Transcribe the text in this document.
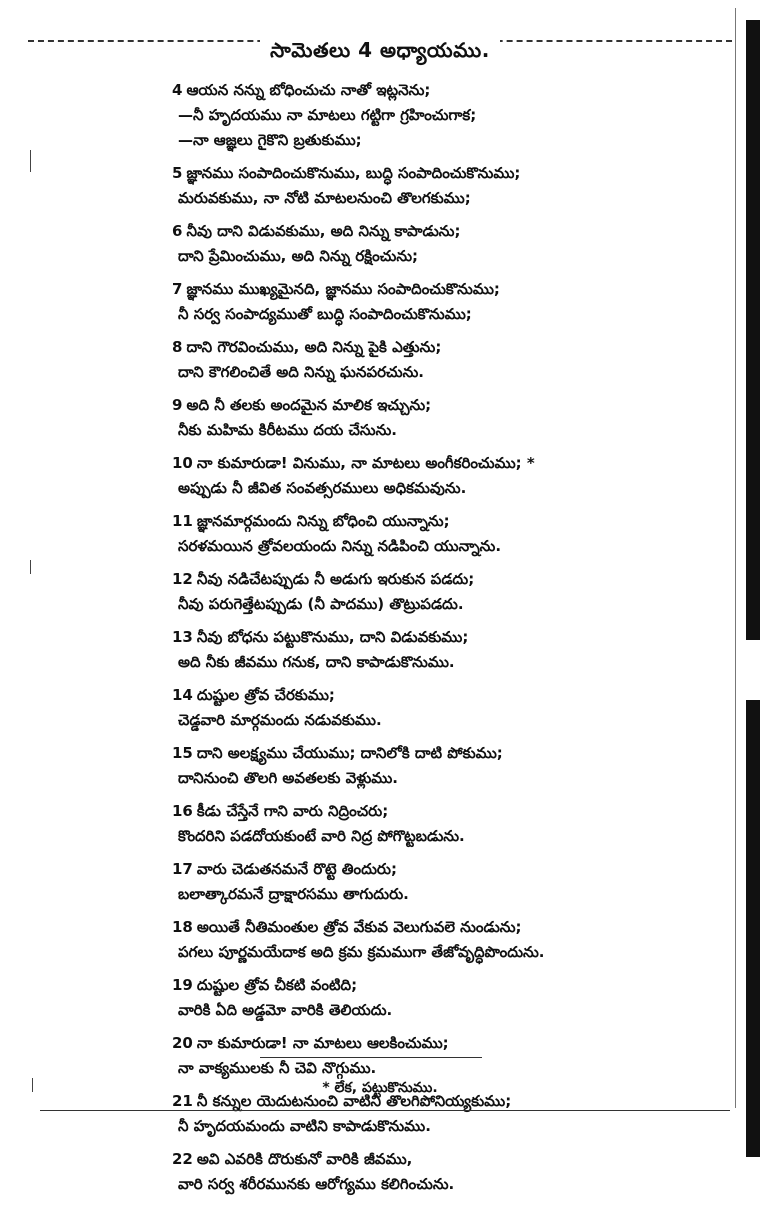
సామెతలు 4 అధ్యాయము.
4 ఆయన నన్ను బోధించుచు నాతో ఇట్లనెను;
—నీ హృదయము నా మాటలు గట్టిగా గ్రహించుగాక;
—నా ఆజ్ఞలు గైకొని బ్రతుకుము;
5 జ్ఞానము సంపాదించుకొనుము, బుద్ధి సంపాదించుకొనుము;
మరువకుము, నా నోటి మాటలనుంచి తొలగకుము;
6 నీవు దాని విడువకుము, అది నిన్ను కాపాడును;
దాని ప్రేమించుము, అది నిన్ను రక్షించును;
7 జ్ఞానము ముఖ్యమైనది, జ్ఞానము సంపాదించుకొనుము;
నీ సర్వ సంపాద్యముతో బుద్ధి సంపాదించుకొనుము;
8 దాని గౌరవించుము, అది నిన్ను పైకి ఎత్తును;
దాని కౌగలించితే అది నిన్ను ఘనపరచును.
9 అది నీ తలకు అందమైన మాలిక ఇచ్చును;
నీకు మహిమ కిరీటము దయ చేసును.
10 నా కుమారుడా! వినుము, నా మాటలు అంగీకరించుము; *
అప్పుడు నీ జీవిత సంవత్సరములు అధికమవును.
11 జ్ఞానమార్గమందు నిన్ను బోధించి యున్నాను;
సరళమయిన త్రోవలయందు నిన్ను నడిపించి యున్నాను.
12 నీవు నడిచేటప్పుడు నీ అడుగు ఇరుకున పడదు;
నీవు పరుగెత్తేటప్పుడు (నీ పాదము) తొట్రుపడదు.
13 నీవు బోధను పట్టుకొనుము, దాని విడువకుము;
అది నీకు జీవము గనుక, దాని కాపాడుకొనుము.
14 దుష్టుల త్రోవ చేరకుము;
చెడ్డవారి మార్గమందు నడువకుము.
15 దాని అలక్ష్యము చేయుము; దానిలోకి దాటి పోకుము;
దానినుంచి తొలగి అవతలకు వెళ్లుము.
16 కీడు చేస్తేనే గాని వారు నిద్రించరు;
కొందరిని పడదోయకుంటే వారి నిద్ర పోగొట్టబడును.
17 వారు చెడుతనమనే రొట్టె తిందురు;
బలాత్కారమనే ద్రాక్షారసము తాగుదురు.
18 అయితే నీతిమంతుల త్రోవ వేకువ వెలుగువలె నుండును;
పగలు పూర్ణమయేదాక అది క్రమ క్రమముగా తేజోవృద్ధిపొందును.
19 దుష్టుల త్రోవ చీకటి వంటిది;
వారికి ఏది అడ్డమో వారికి తెలియదు.
20 నా కుమారుడా! నా మాటలు ఆలకించుము;
నా వాక్యములకు నీ చెవి నొగ్గుము.
21 నీ కన్నుల యెదుటనుంచి వాటిని తొలగిపోనియ్యకుము;
నీ హృదయమందు వాటిని కాపాడుకొనుము.
22 అవి ఎవరికి దొరుకునో వారికి జీవము,
వారి సర్వ శరీరమునకు ఆరోగ్యము కలిగించును.
* లేక, పట్టుకొనుము.
